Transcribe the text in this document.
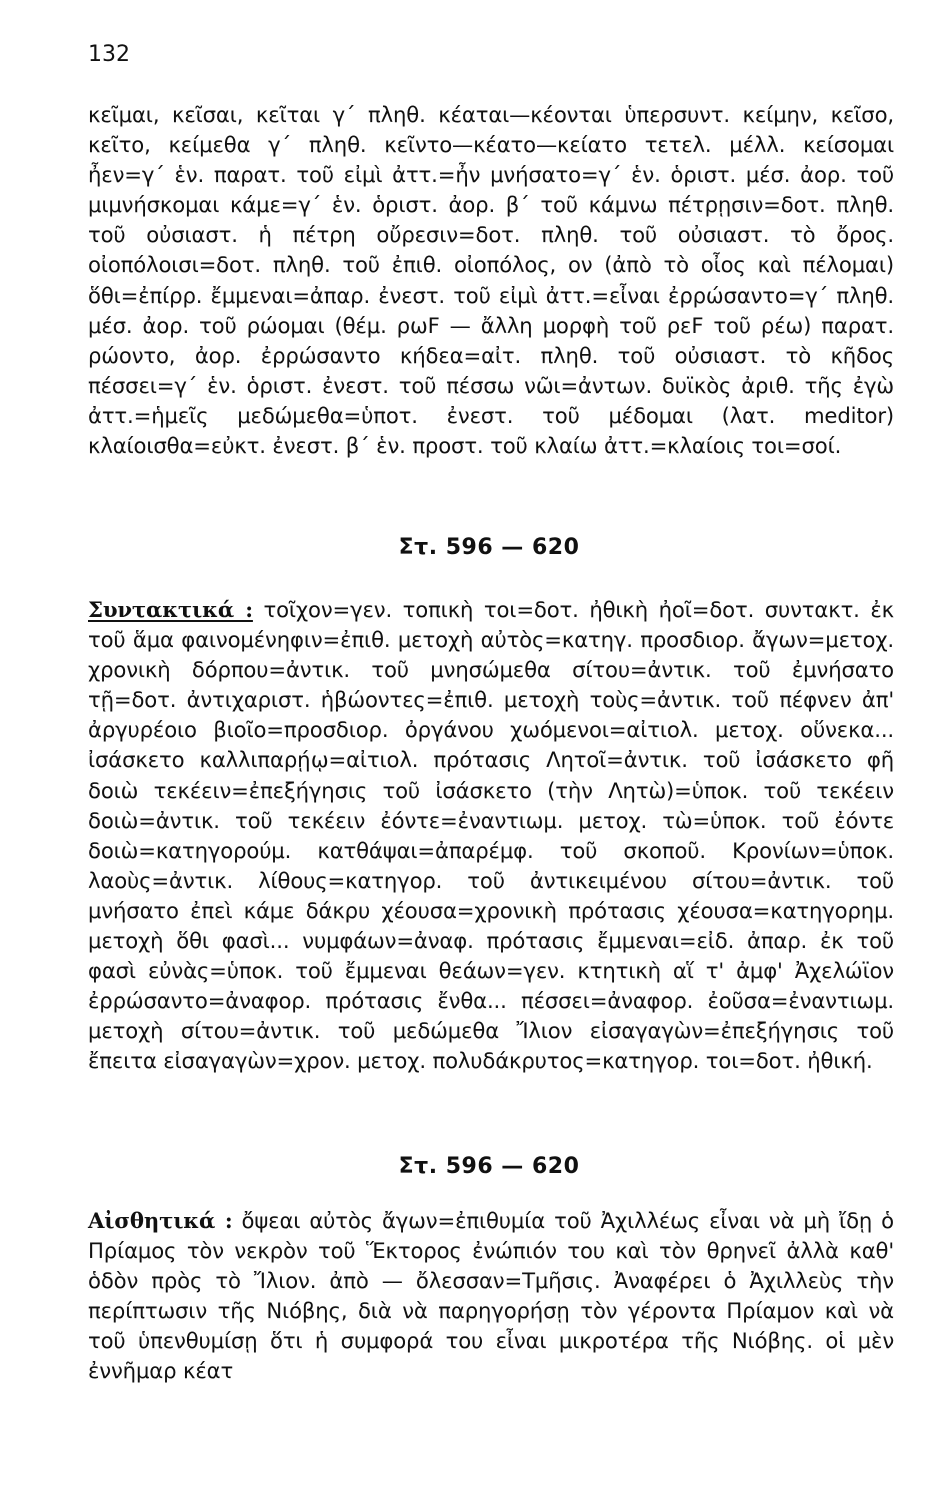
132

κεῖμαι, κεῖσαι, κεῖται γ΄ πληθ. κέαται—κέονται ὑπερσυντ. κείμην, κεῖσο, κεῖτο, κείμεθα γ΄ πληθ. κεῖντο—κέατο—κείατο τετελ. μέλλ. κείσομαι ἦεν=γ΄ ἑν. παρατ. τοῦ εἰμὶ ἀττ.=ἦν μνήσατο=γ΄ ἑν. ὁριστ. μέσ. ἀορ. τοῦ μιμνήσκομαι κάμε=γ΄ ἑν. ὁριστ. ἀορ. β΄ τοῦ κάμνω πέτρῃσιν=δοτ. πληθ. τοῦ οὐσιαστ. ἡ πέτρη οὔρεσιν=δοτ. πληθ. τοῦ οὐσιαστ. τὸ ὄρος. οἰοπόλοισι=δοτ. πληθ. τοῦ ἐπιθ. οἰοπόλος, ον (ἀπὸ τὸ οἶος καὶ πέλομαι) ὅθι=ἐπίρρ. ἔμμεναι=ἀπαρ. ἐνεστ. τοῦ εἰμὶ ἀττ.=εἶναι ἐρρώσαντο=γ΄ πληθ. μέσ. ἀορ. τοῦ ρώομαι (θέμ. ρωF — ἄλλη μορφὴ τοῦ ρεF τοῦ ρέω) παρατ. ρώοντο, ἀορ. ἐρρώσαντο κήδεα=αἰτ. πληθ. τοῦ οὐσιαστ. τὸ κῆδος πέσσει=γ΄ ἑν. ὁριστ. ἐνεστ. τοῦ πέσσω νῶι=ἀντων. δυϊκὸς ἀριθ. τῆς ἐγὼ ἀττ.=ἡμεῖς μεδώμεθα=ὑποτ. ἐνεστ. τοῦ μέδομαι (λατ. meditor) κλαίοισθα=εὐκτ. ἐνεστ. β΄ ἑν. προστ. τοῦ κλαίω ἀττ.=κλαίοις τοι=σοί.

Στ. 596 — 620

Συντακτικά : τοῖχον=γεν. τοπικὴ τοι=δοτ. ἠθικὴ ἠοῖ=δοτ. συντακτ. ἐκ τοῦ ἅμα φαινομένηφιν=ἐπιθ. μετοχὴ αὐτὸς=κατηγ. προσδιορ. ἄγων=μετοχ. χρονικὴ δόρπου=ἀντικ. τοῦ μνησώμεθα σίτου=ἀντικ. τοῦ ἐμνήσατο τῇ=δοτ. ἀντιχαριστ. ἡβώοντες=ἐπιθ. μετοχὴ τοὺς=ἀντικ. τοῦ πέφνεν ἀπ' ἀργυρέοιο βιοῖο=προσδιορ. ὀργάνου χωόμενοι=αἰτιολ. μετοχ. οὕνεκα... ἰσάσκετο καλλιπαρῄῳ=αἰτιολ. πρότασις Λητοῖ=ἀντικ. τοῦ ἰσάσκετο φῆ δοιὼ τεκέειν=ἐπεξήγησις τοῦ ἰσάσκετο (τὴν Λητὼ)=ὑποκ. τοῦ τεκέειν δοιὼ=ἀντικ. τοῦ τεκέειν ἐόντε=ἐναντιωμ. μετοχ. τὼ=ὑποκ. τοῦ ἐόντε δοιὼ=κατηγορούμ. κατθάψαι=ἀπαρέμφ. τοῦ σκοποῦ. Κρονίων=ὑποκ. λαοὺς=ἀντικ. λίθους=κατηγορ. τοῦ ἀντικειμένου σίτου=ἀντικ. τοῦ μνήσατο ἐπεὶ κάμε δάκρυ χέουσα=χρονικὴ πρότασις χέουσα=κατηγορημ. μετοχὴ ὅθι φασὶ... νυμφάων=ἀναφ. πρότασις ἔμμεναι=εἰδ. ἀπαρ. ἐκ τοῦ φασὶ εὐνὰς=ὑποκ. τοῦ ἔμμεναι θεάων=γεν. κτητικὴ αἵ τ' ἀμφ' Ἀχελώϊον ἐρρώσαντο=ἀναφορ. πρότασις ἔνθα... πέσσει=ἀναφορ. ἐοῦσα=ἐναντιωμ. μετοχὴ σίτου=ἀντικ. τοῦ μεδώμεθα Ἴλιον εἰσαγαγὼν=ἐπεξήγησις τοῦ ἔπειτα εἰσαγαγὼν=χρον. μετοχ. πολυδάκρυτος=κατηγορ. τοι=δοτ. ἠθική.

Στ. 596 — 620

Αἰσθητικά : ὄψεαι αὐτὸς ἄγων=ἐπιθυμία τοῦ Ἀχιλλέως εἶναι νὰ μὴ ἴδῃ ὁ Πρίαμος τὸν νεκρὸν τοῦ Ἕκτορος ἐνώπιόν του καὶ τὸν θρηνεῖ ἀλλὰ καθ' ὁδὸν πρὸς τὸ Ἴλιον. ἀπὸ — ὄλεσσαν=Τμῆσις. Ἀναφέρει ὁ Ἀχιλλεὺς τὴν περίπτωσιν τῆς Νιόβης, διὰ νὰ παρηγορήσῃ τὸν γέροντα Πρίαμον καὶ νὰ τοῦ ὑπενθυμίσῃ ὅτι ἡ συμφορά του εἶναι μικροτέρα τῆς Νιόβης. οἱ μὲν ἐννῆμαρ κέατ
